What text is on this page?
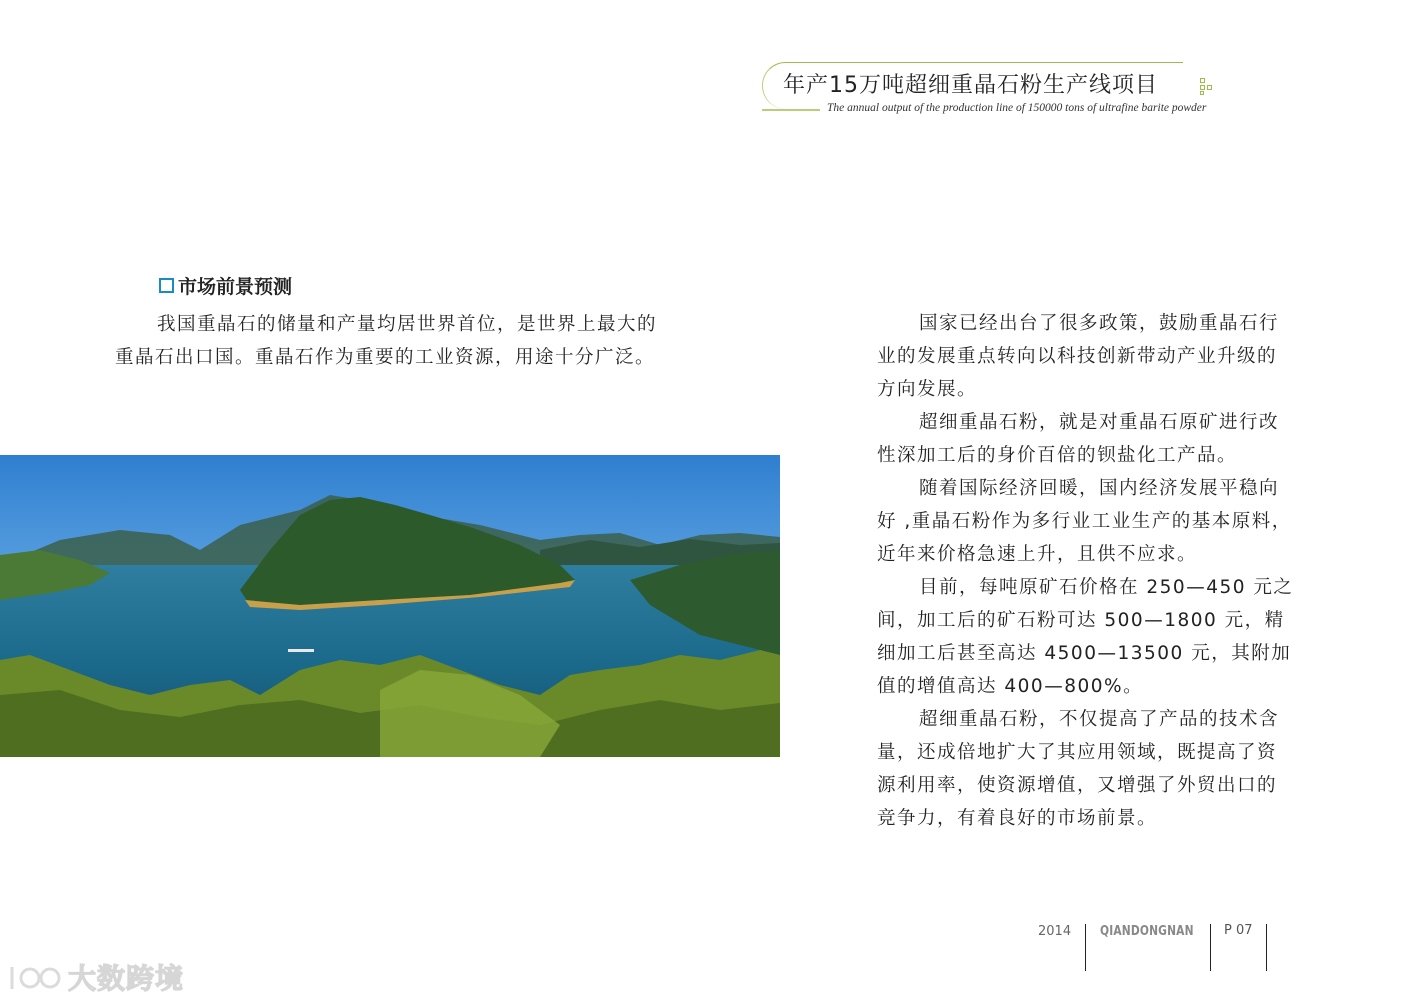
年产15万吨超细重晶石粉生产线项目
The annual output of the production line of 150000 tons of ultrafine barite powder
市场前景预测
我国重晶石的储量和产量均居世界首位，是世界上最大的
重晶石出口国。重晶石作为重要的工业资源，用途十分广泛。
国家已经出台了很多政策，鼓励重晶石行
业的发展重点转向以科技创新带动产业升级的
方向发展。
超细重晶石粉，就是对重晶石原矿进行改
性深加工后的身价百倍的钡盐化工产品。
随着国际经济回暖，国内经济发展平稳向
好 ,重晶石粉作为多行业工业生产的基本原料，
近年来价格急速上升，且供不应求。
目前，每吨原矿石价格在 250—450 元之
间，加工后的矿石粉可达 500—1800 元，精
细加工后甚至高达 4500—13500 元，其附加
值的增值高达 400—800%。
超细重晶石粉，不仅提高了产品的技术含
量，还成倍地扩大了其应用领域，既提高了资
源利用率，使资源增值，又增强了外贸出口的
竞争力，有着良好的市场前景。
2014 QIANDONGNAN P 07
大数跨境
